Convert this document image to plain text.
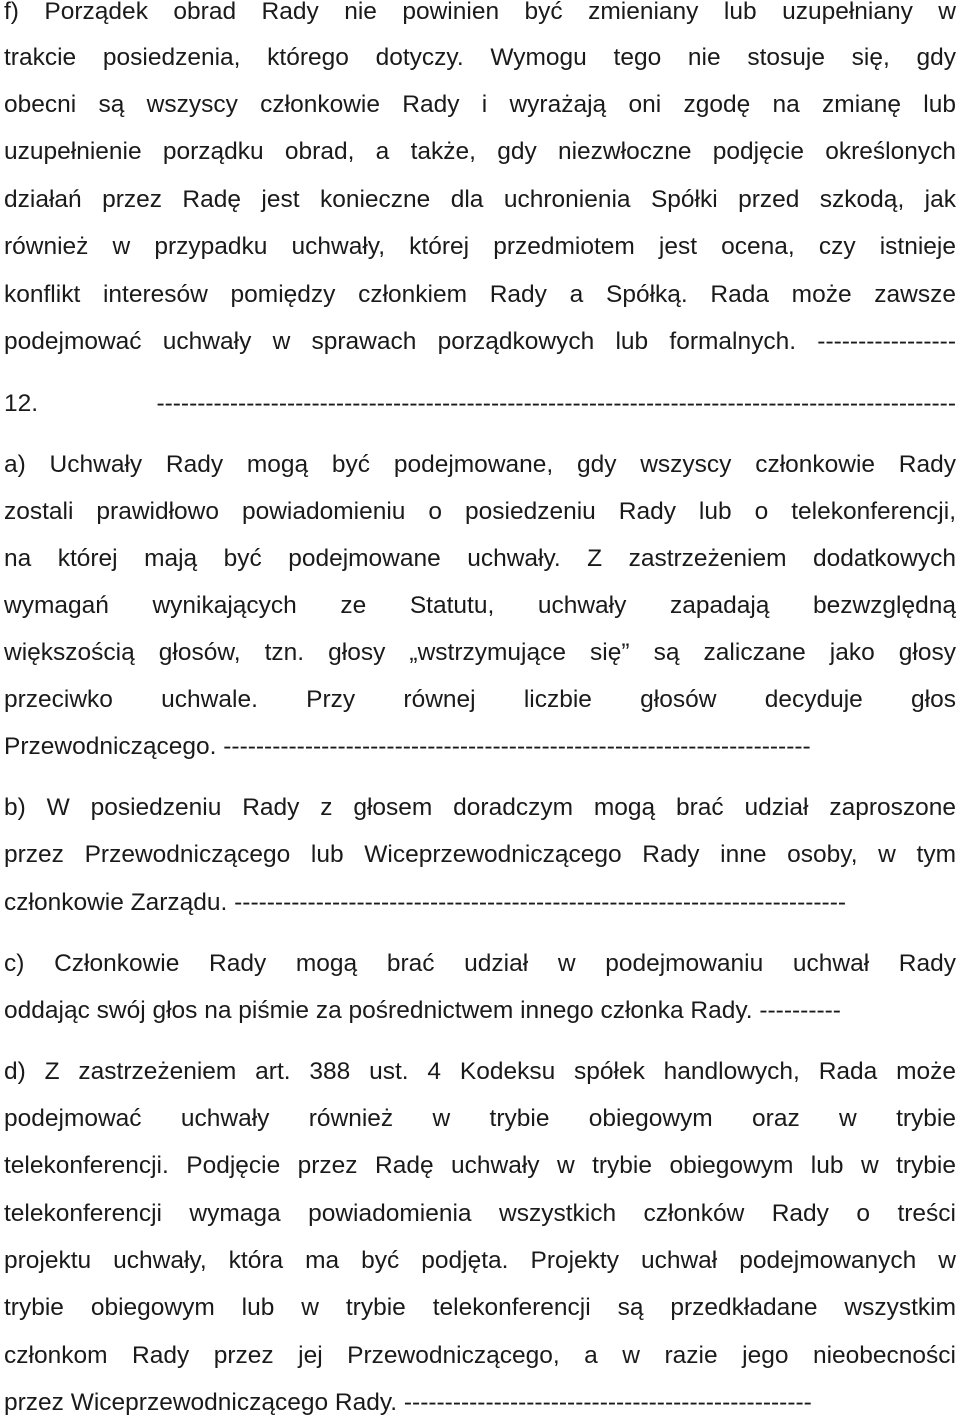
f) Porządek obrad Rady nie powinien być zmieniany lub uzupełniany w
trakcie posiedzenia, którego dotyczy. Wymogu tego nie stosuje się, gdy
obecni są wszyscy członkowie Rady i wyrażają oni zgodę na zmianę lub
uzupełnienie porządku obrad, a także, gdy niezwłoczne podjęcie określonych
działań przez Radę jest konieczne dla uchronienia Spółki przed szkodą, jak
również w przypadku uchwały, której przedmiotem jest ocena, czy istnieje
konflikt interesów pomiędzy członkiem Rady a Spółką. Rada może zawsze
podejmować uchwały w sprawach porządkowych lub formalnych. -----------------
12. --------------------------------------------------------------------------------------------------
a) Uchwały Rady mogą być podejmowane, gdy wszyscy członkowie Rady
zostali prawidłowo powiadomieniu o posiedzeniu Rady lub o telekonferencji,
na której mają być podejmowane uchwały. Z zastrzeżeniem dodatkowych
wymagań wynikających ze Statutu, uchwały zapadają bezwzględną
większością głosów, tzn. głosy „wstrzymujące się” są zaliczane jako głosy
przeciwko uchwale. Przy równej liczbie głosów decyduje głos
Przewodniczącego. ------------------------------------------------------------------------
b) W posiedzeniu Rady z głosem doradczym mogą brać udział zaproszone
przez Przewodniczącego lub Wiceprzewodniczącego Rady inne osoby, w tym
członkowie Zarządu. ---------------------------------------------------------------------------
c) Członkowie Rady mogą brać udział w podejmowaniu uchwał Rady
oddając swój głos na piśmie za pośrednictwem innego członka Rady. ----------
d) Z zastrzeżeniem art. 388 ust. 4 Kodeksu spółek handlowych, Rada może
podejmować uchwały również w trybie obiegowym oraz w trybie
telekonferencji. Podjęcie przez Radę uchwały w trybie obiegowym lub w trybie
telekonferencji wymaga powiadomienia wszystkich członków Rady o treści
projektu uchwały, która ma być podjęta. Projekty uchwał podejmowanych w
trybie obiegowym lub w trybie telekonferencji są przedkładane wszystkim
członkom Rady przez jej Przewodniczącego, a w razie jego nieobecności
przez Wiceprzewodniczącego Rady. --------------------------------------------------
